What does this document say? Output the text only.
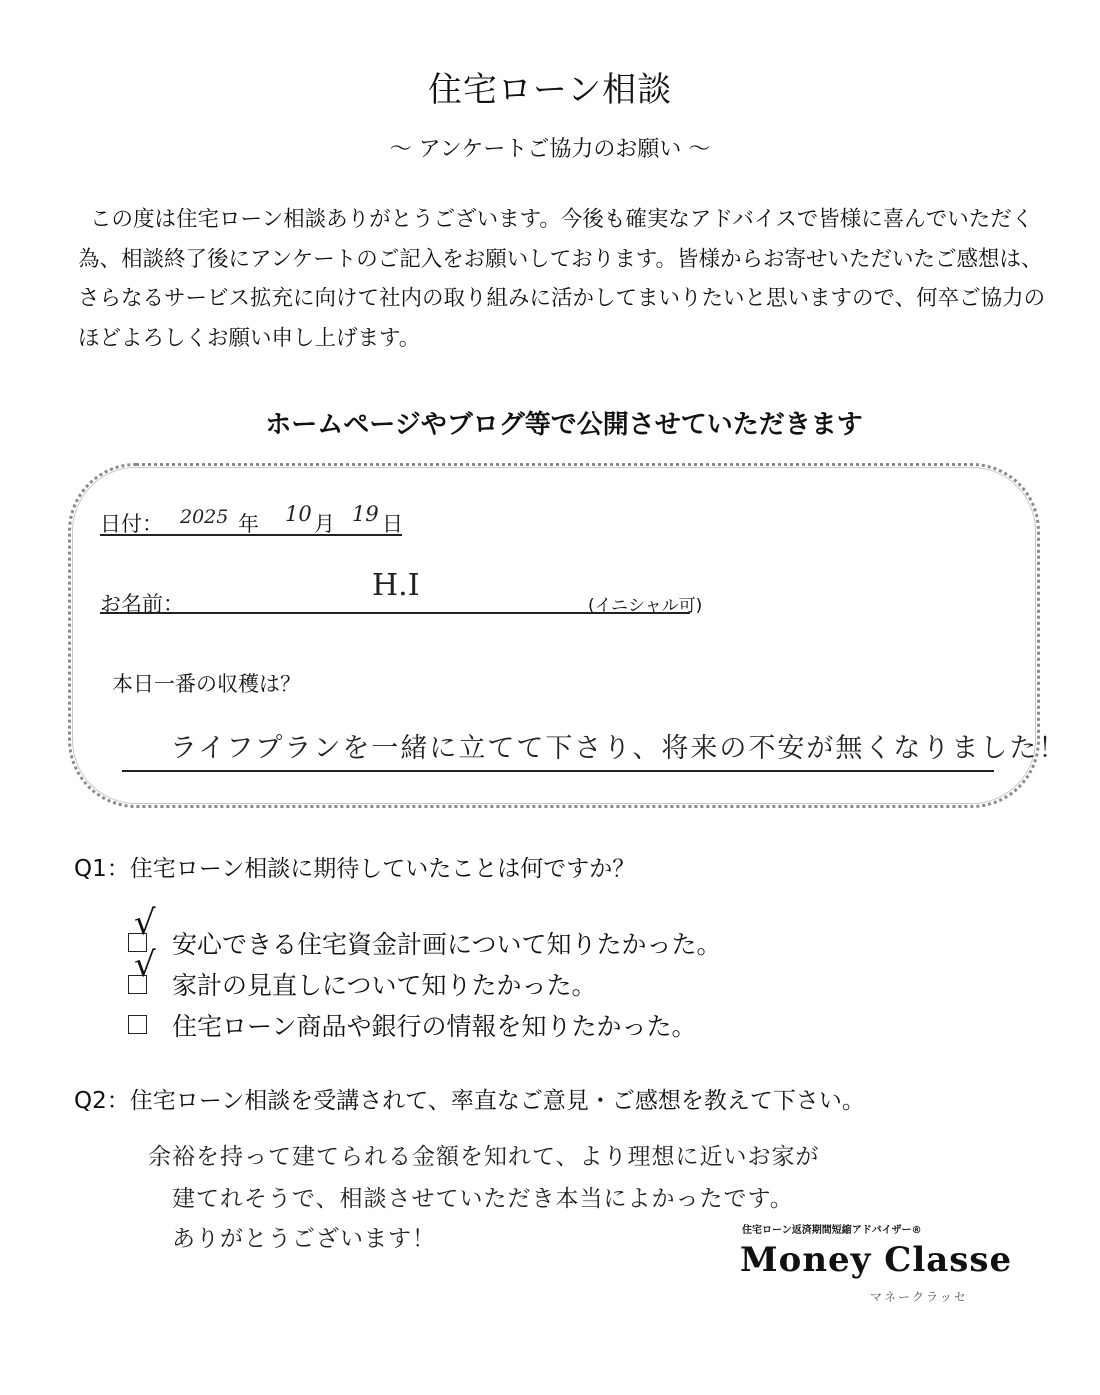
住宅ローン相談
～ アンケートご協力のお願い ～

この度は住宅ローン相談ありがとうございます。今後も確実なアドバイスで皆様に喜んでいただく

為、相談終了後にアンケートのご記入をお願いしております。皆様からお寄せいただいたご感想は、

さらなるサービス拡充に向けて社内の取り組みに活かしてまいりたいと思いますので、何卒ご協力の

ほどよろしくお願い申し上げます。

ホームページやブログ等で公開させていただきます
日付： 2025 年 10 月 19 日
お名前：
H.I
(イニシャル可)
本日一番の収穫は？
ライフプランを一緒に立てて下さり、将来の不安が無くなりました！
Q1：住宅ローン相談に期待していたことは何ですか？
√
安心できる住宅資金計画について知りたかった。
√
家計の見直しについて知りたかった。
住宅ローン商品や銀行の情報を知りたかった。
Q2：住宅ローン相談を受講されて、率直なご意見・ご感想を教えて下さい。
余裕を持って建てられる金額を知れて、より理想に近いお家が
建てれそうで、相談させていただき本当によかったです。
ありがとうございます！	住宅ローン返済期間短縮アドバイザー®
Money Classe
マネークラッセ
